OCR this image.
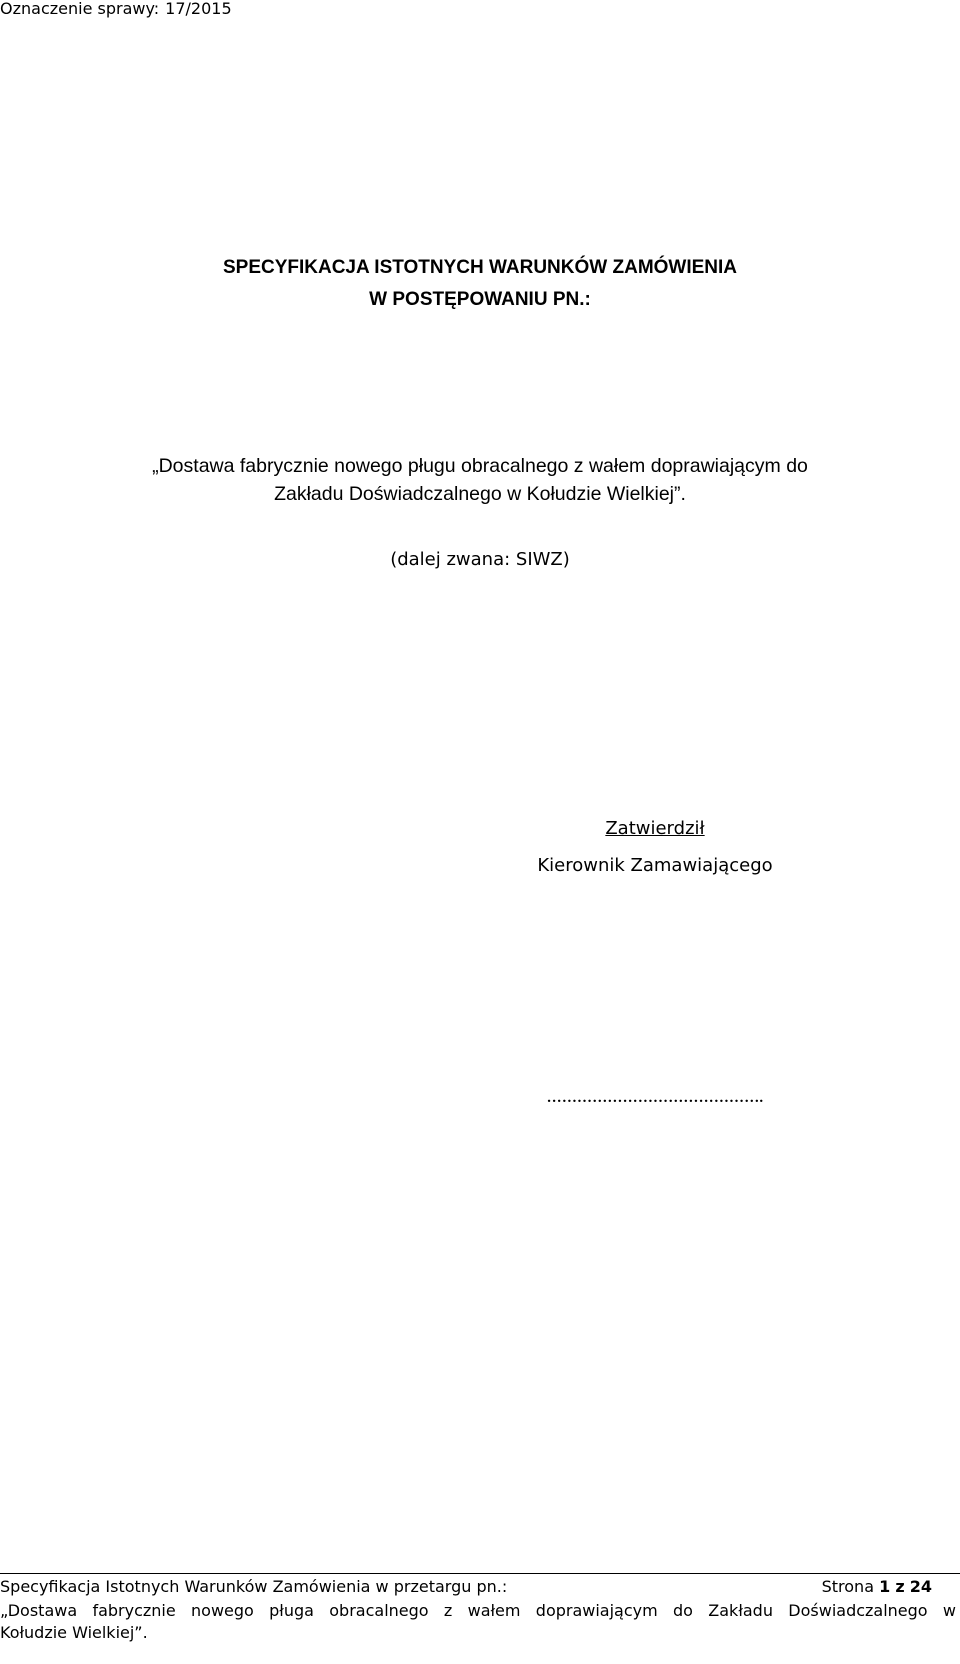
Oznaczenie sprawy: 17/2015
SPECYFIKACJA ISTOTNYCH WARUNKÓW ZAMÓWIENIA
W POSTĘPOWANIU PN.:
„Dostawa fabrycznie nowego pługu obracalnego z wałem doprawiającym do
Zakładu Doświadczalnego w Kołudzie Wielkiej”.
(dalej zwana: SIWZ)
Zatwierdził
Kierownik Zamawiającego
…………………………………….
Specyfikacja Istotnych Warunków Zamówienia w przetargu pn.:	Strona 1 z 24
„Dostawa fabrycznie nowego pługa obracalnego z wałem doprawiającym do Zakładu Doświadczalnego w
Kołudzie Wielkiej”.
